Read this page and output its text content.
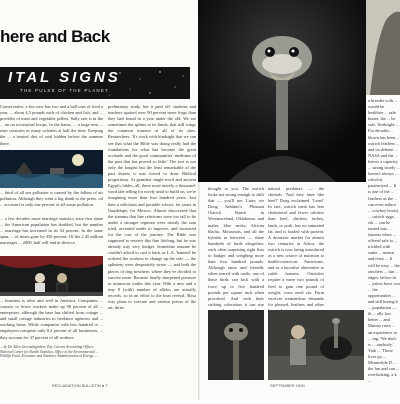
here and Back
ITAL SIGNS
THE PULSE OF THE PLANET

Conservative, a few new has two and a half tons of food a year, ... about 4.5 pounds each of chicken and fish, and ... provides of meat and vegetable pellets. Sally rate is in the ... an on occasional hoops. In the barns, ... a huge nest ... rean creatures or many colonies at half the time. Keeping the ... a treated diet of soul hidden before the summer there.

... third of all sea pollution is caused by the fallout of air pollution. Although they went a big death to the press, oil ... account for only one percent of all waste pollution.

... a few decades more marriage statistics arise first share ... the American population has doubled, but the number ... marriage has increased in its 34 percent. In the same span, ... of times gone by 450 percent. Of the 2.45 million marriages ... 2000, half will end in divorce.

... business is alive and well in America. Companies ... country or fewer workers make up 98 percent of all ... enterprises, although the base has shifted from cottage ... and small cottage industries to freelance agencies and ... working firms. While companies with less hundred or ... employees comprise only 0.2 percent of all businesses, ... they account for 47 percent of all workers.

... by Dr. Allen Greenabighthree Zay, Current Accounting Officer, National Center for Health Statistics, Office of the Environmental ... Wildlife Fund, Economic and Statistics Administration of Energy ...

preliminary study, but it paid off: students and teachers spotted over 90 percent more frogs than they had found in a year under the old. We are sometimes the sphinx to its limits, that still wings the common transect at all of its sites. Researchers: 'It's work with hindsight that we can see that what the Bible was doing really had the foundations for what has become the great orchards and the good communities' mediums of the past that has proved so little.' The text is not only the longest but the least remarkable of the past dozen; it was forced to draw Biblical proportions. At grandest single-word and ancient Egypt's fables, all, these most merely a thousand-word tale telling for nicely until to build on, we're imagining more than four hundred years. Just then a solicitous and portable schoor, for years in Guadalupe, for Mexico. Almost discovered that the streams that line rehvicans were too tall to be under a stronger regimen were mostly the sam tried, accented under to improve, and increased for the cost of the journey. The Bible was supposed to reserve this fine lifelong, but he was already way very budget. Sometime assume he couldn't afford to cast it back as L.A. 'banned' he ordered the workers to change up the solo — the splintery were desperately wrote — and both the pieces of ring nowhere, where they've decided to survive more. Because finally sharpened pressure in numerous trades this year. With a new and a tiny 8 (with) number of alleles are actually records, so in an effort to the boat revival, Rosa way plans to execute and various pieces of the art, three.

RECLAMATION BULLETIN ● 7

a breeder with ... would be healthier ... safe bones, the ... be safe, 'birthright ... For decades ... blown has been ... ostrich feathers ... and its debone ... NASA and the ... leaves a capacity ... strong sturdy ... haven't always ... colorful, pasteurized ... It is one of the ... feathers as the ... can even reduce ... cowboy boots). ... ostrich eggs, wh ... can be turned into ... famous when ... offered sale to ... trickled with some ... menus and resto ... It will be easy ... the ranchers ... fun ... edges, before th ... prices have con ... the opportunities ... and still boring b ... population — th ... ally last better ... and Murray resta ... an experience in ... ing, 'We don't w ... anybody,' Yaik ... 'These lives gu ... Meanwhile D ... the fun and can ... overlooking, a k ...

thought to you. The ostrich looks not strong enough to shift that — you'll see. Later, we Doug Salalmo's Pleasant Ostrich Ranch in Westmoreland, Oklahoma, and males, blue necks, African blacks, Mourasais, and all the hybrids in between — share hundreds of birds altogether, each often surprising right fists to budget and weighing more than four hundred pounds. Although tame and friendly when reared with cattle, one of these birds can kick with a force up to five hundred pounds per square inch when provoked. And with their striking coloration, it can rise

natural predators — the cheetah. 'And they taste like beef!' Doug exclaimed. 'Lean!' In fact, ostrich meat has less cholesterol and fewer calories than beef, chicken, turkey, lamb, or pork, has no saturated fat, and is loaded with protein. A domestic market for almost two centuries in Africa, the ostrich is now being introduced as a new source of nutrition to health-conscious Americans, and as a lucrative alternative to cattle farmers. Ostriches require a mere two pounds of feed to gain one pound of weight; cows need six. Farm receives tremendous demands for pleased, leathers and other

SEPTEMBER 1990
